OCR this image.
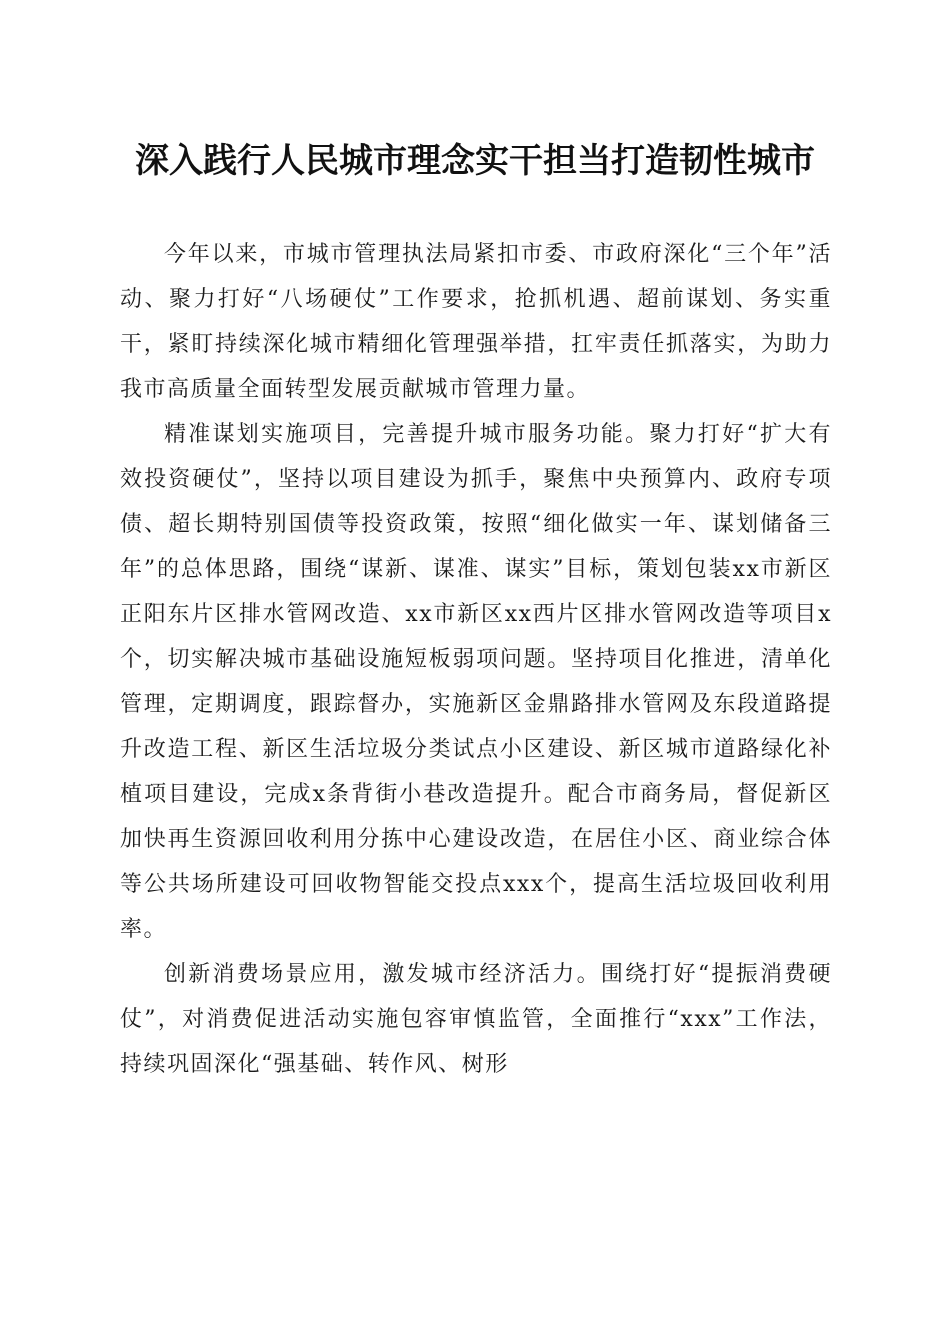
深入践行人民城市理念实干担当打造韧性城市

今年以来，市城市管理执法局紧扣市委、市政府深化“三个年”活动、聚力打好“八场硬仗”工作要求，抢抓机遇、超前谋划、务实重干，紧盯持续深化城市精细化管理强举措，扛牢责任抓落实，为助力我市高质量全面转型发展贡献城市管理力量。

精准谋划实施项目，完善提升城市服务功能。聚力打好“扩大有效投资硬仗”，坚持以项目建设为抓手，聚焦中央预算内、政府专项债、超长期特别国债等投资政策，按照“细化做实一年、谋划储备三年”的总体思路，围绕“谋新、谋准、谋实”目标，策划包装xx市新区正阳东片区排水管网改造、xx市新区xx西片区排水管网改造等项目x个，切实解决城市基础设施短板弱项问题。坚持项目化推进，清单化管理，定期调度，跟踪督办，实施新区金鼎路排水管网及东段道路提升改造工程、新区生活垃圾分类试点小区建设、新区城市道路绿化补植项目建设，完成x条背街小巷改造提升。配合市商务局，督促新区加快再生资源回收利用分拣中心建设改造，在居住小区、商业综合体等公共场所建设可回收物智能交投点xxx个，提高生活垃圾回收利用率。

创新消费场景应用，激发城市经济活力。围绕打好“提振消费硬仗”，对消费促进活动实施包容审慎监管，全面推行“xxx”工作法，持续巩固深化“强基础、转作风、树形
